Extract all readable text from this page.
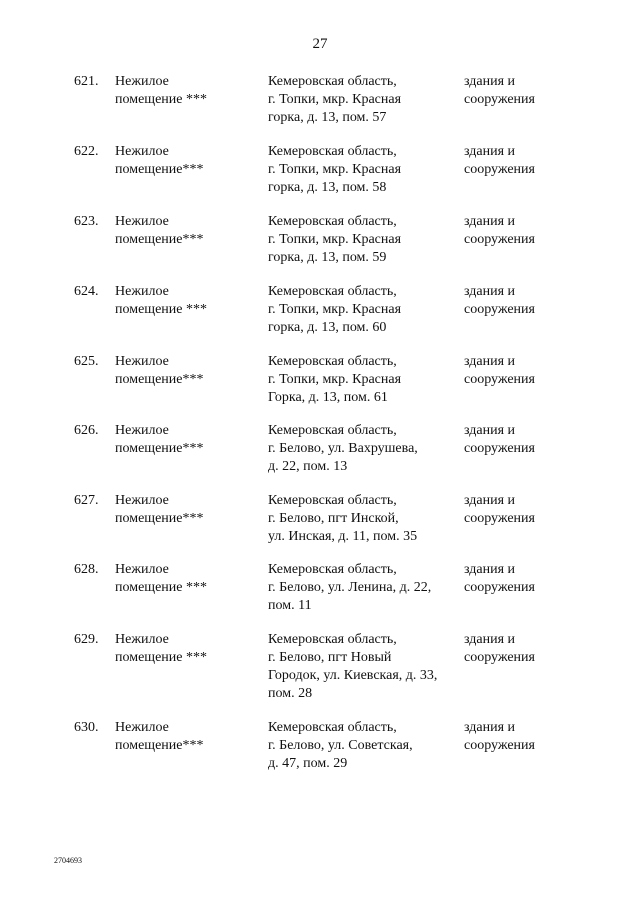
27
621. Нежилое
помещение ***
Кемеровская область,
г. Топки, мкр. Красная
горка, д. 13, пом. 57
здания и
сооружения
622. Нежилое
помещение***
Кемеровская область,
г. Топки, мкр. Красная
горка, д. 13, пом. 58
здания и
сооружения
623. Нежилое
помещение***
Кемеровская область,
г. Топки, мкр. Красная
горка, д. 13, пом. 59
здания и
сооружения
624. Нежилое
помещение ***
Кемеровская область,
г. Топки, мкр. Красная
горка, д. 13, пом. 60
здания и
сооружения
625. Нежилое
помещение***
Кемеровская область,
г. Топки, мкр. Красная
Горка, д. 13, пом. 61
здания и
сооружения
626. Нежилое
помещение***
Кемеровская область,
г. Белово, ул. Вахрушева,
д. 22, пом. 13
здания и
сооружения
627. Нежилое
помещение***
Кемеровская область,
г. Белово, пгт Инской,
ул. Инская, д. 11, пом. 35
здания и
сооружения
628. Нежилое
помещение ***
Кемеровская область,
г. Белово, ул. Ленина, д. 22,
пом. 11
здания и
сооружения
629. Нежилое
помещение ***
Кемеровская область,
г. Белово, пгт Новый
Городок, ул. Киевская, д. 33,
пом. 28
здания и
сооружения
630. Нежилое
помещение***
Кемеровская область,
г. Белово, ул. Советская,
д. 47, пом. 29
здания и
сооружения
2704693
